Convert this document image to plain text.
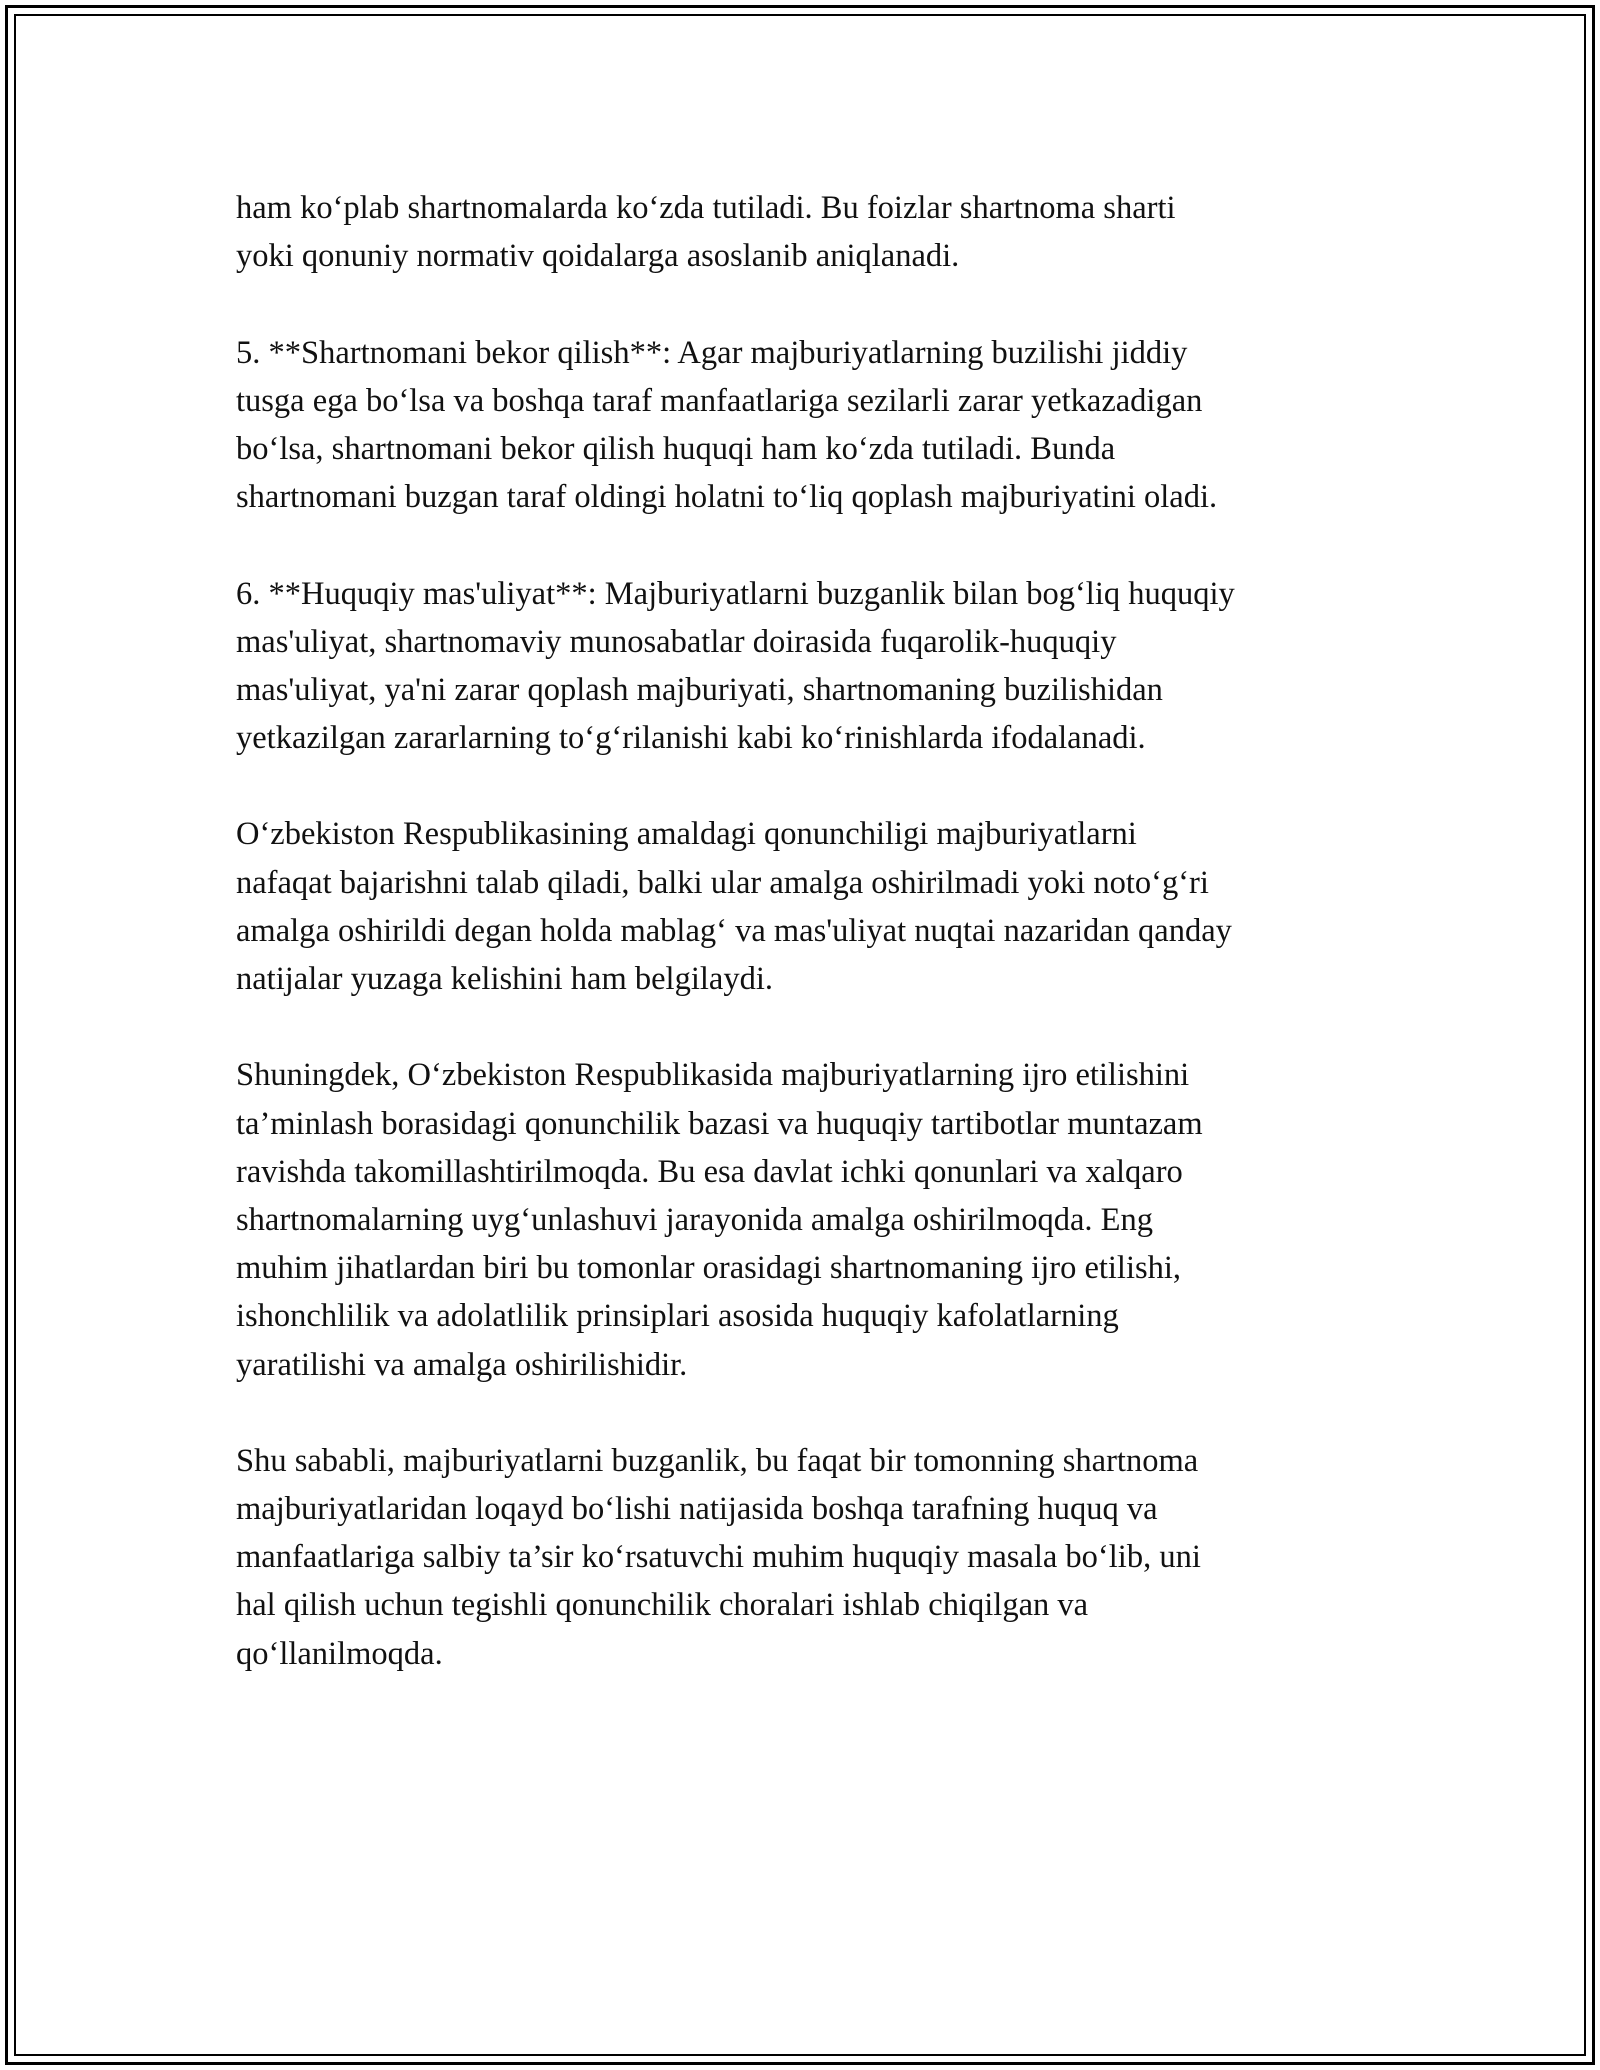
ham ko‘plab shartnomalarda ko‘zda tutiladi. Bu foizlar shartnoma sharti
yoki qonuniy normativ qoidalarga asoslanib aniqlanadi.
5. **Shartnomani bekor qilish**: Agar majburiyatlarning buzilishi jiddiy
tusga ega bo‘lsa va boshqa taraf manfaatlariga sezilarli zarar yetkazadigan
bo‘lsa, shartnomani bekor qilish huquqi ham ko‘zda tutiladi. Bunda
shartnomani buzgan taraf oldingi holatni to‘liq qoplash majburiyatini oladi.
6. **Huquqiy mas'uliyat**: Majburiyatlarni buzganlik bilan bog‘liq huquqiy
mas'uliyat, shartnomaviy munosabatlar doirasida fuqarolik-huquqiy
mas'uliyat, ya'ni zarar qoplash majburiyati, shartnomaning buzilishidan
yetkazilgan zararlarning to‘g‘rilanishi kabi ko‘rinishlarda ifodalanadi.
O‘zbekiston Respublikasining amaldagi qonunchiligi majburiyatlarni
nafaqat bajarishni talab qiladi, balki ular amalga oshirilmadi yoki noto‘g‘ri
amalga oshirildi degan holda mablag‘ va mas'uliyat nuqtai nazaridan qanday
natijalar yuzaga kelishini ham belgilaydi.
Shuningdek, O‘zbekiston Respublikasida majburiyatlarning ijro etilishini
ta’minlash borasidagi qonunchilik bazasi va huquqiy tartibotlar muntazam
ravishda takomillashtirilmoqda. Bu esa davlat ichki qonunlari va xalqaro
shartnomalarning uyg‘unlashuvi jarayonida amalga oshirilmoqda. Eng
muhim jihatlardan biri bu tomonlar orasidagi shartnomaning ijro etilishi,
ishonchlilik va adolatlilik prinsiplari asosida huquqiy kafolatlarning
yaratilishi va amalga oshirilishidir.
Shu sababli, majburiyatlarni buzganlik, bu faqat bir tomonning shartnoma
majburiyatlaridan loqayd bo‘lishi natijasida boshqa tarafning huquq va
manfaatlariga salbiy ta’sir ko‘rsatuvchi muhim huquqiy masala bo‘lib, uni
hal qilish uchun tegishli qonunchilik choralari ishlab chiqilgan va
qo‘llanilmoqda.
